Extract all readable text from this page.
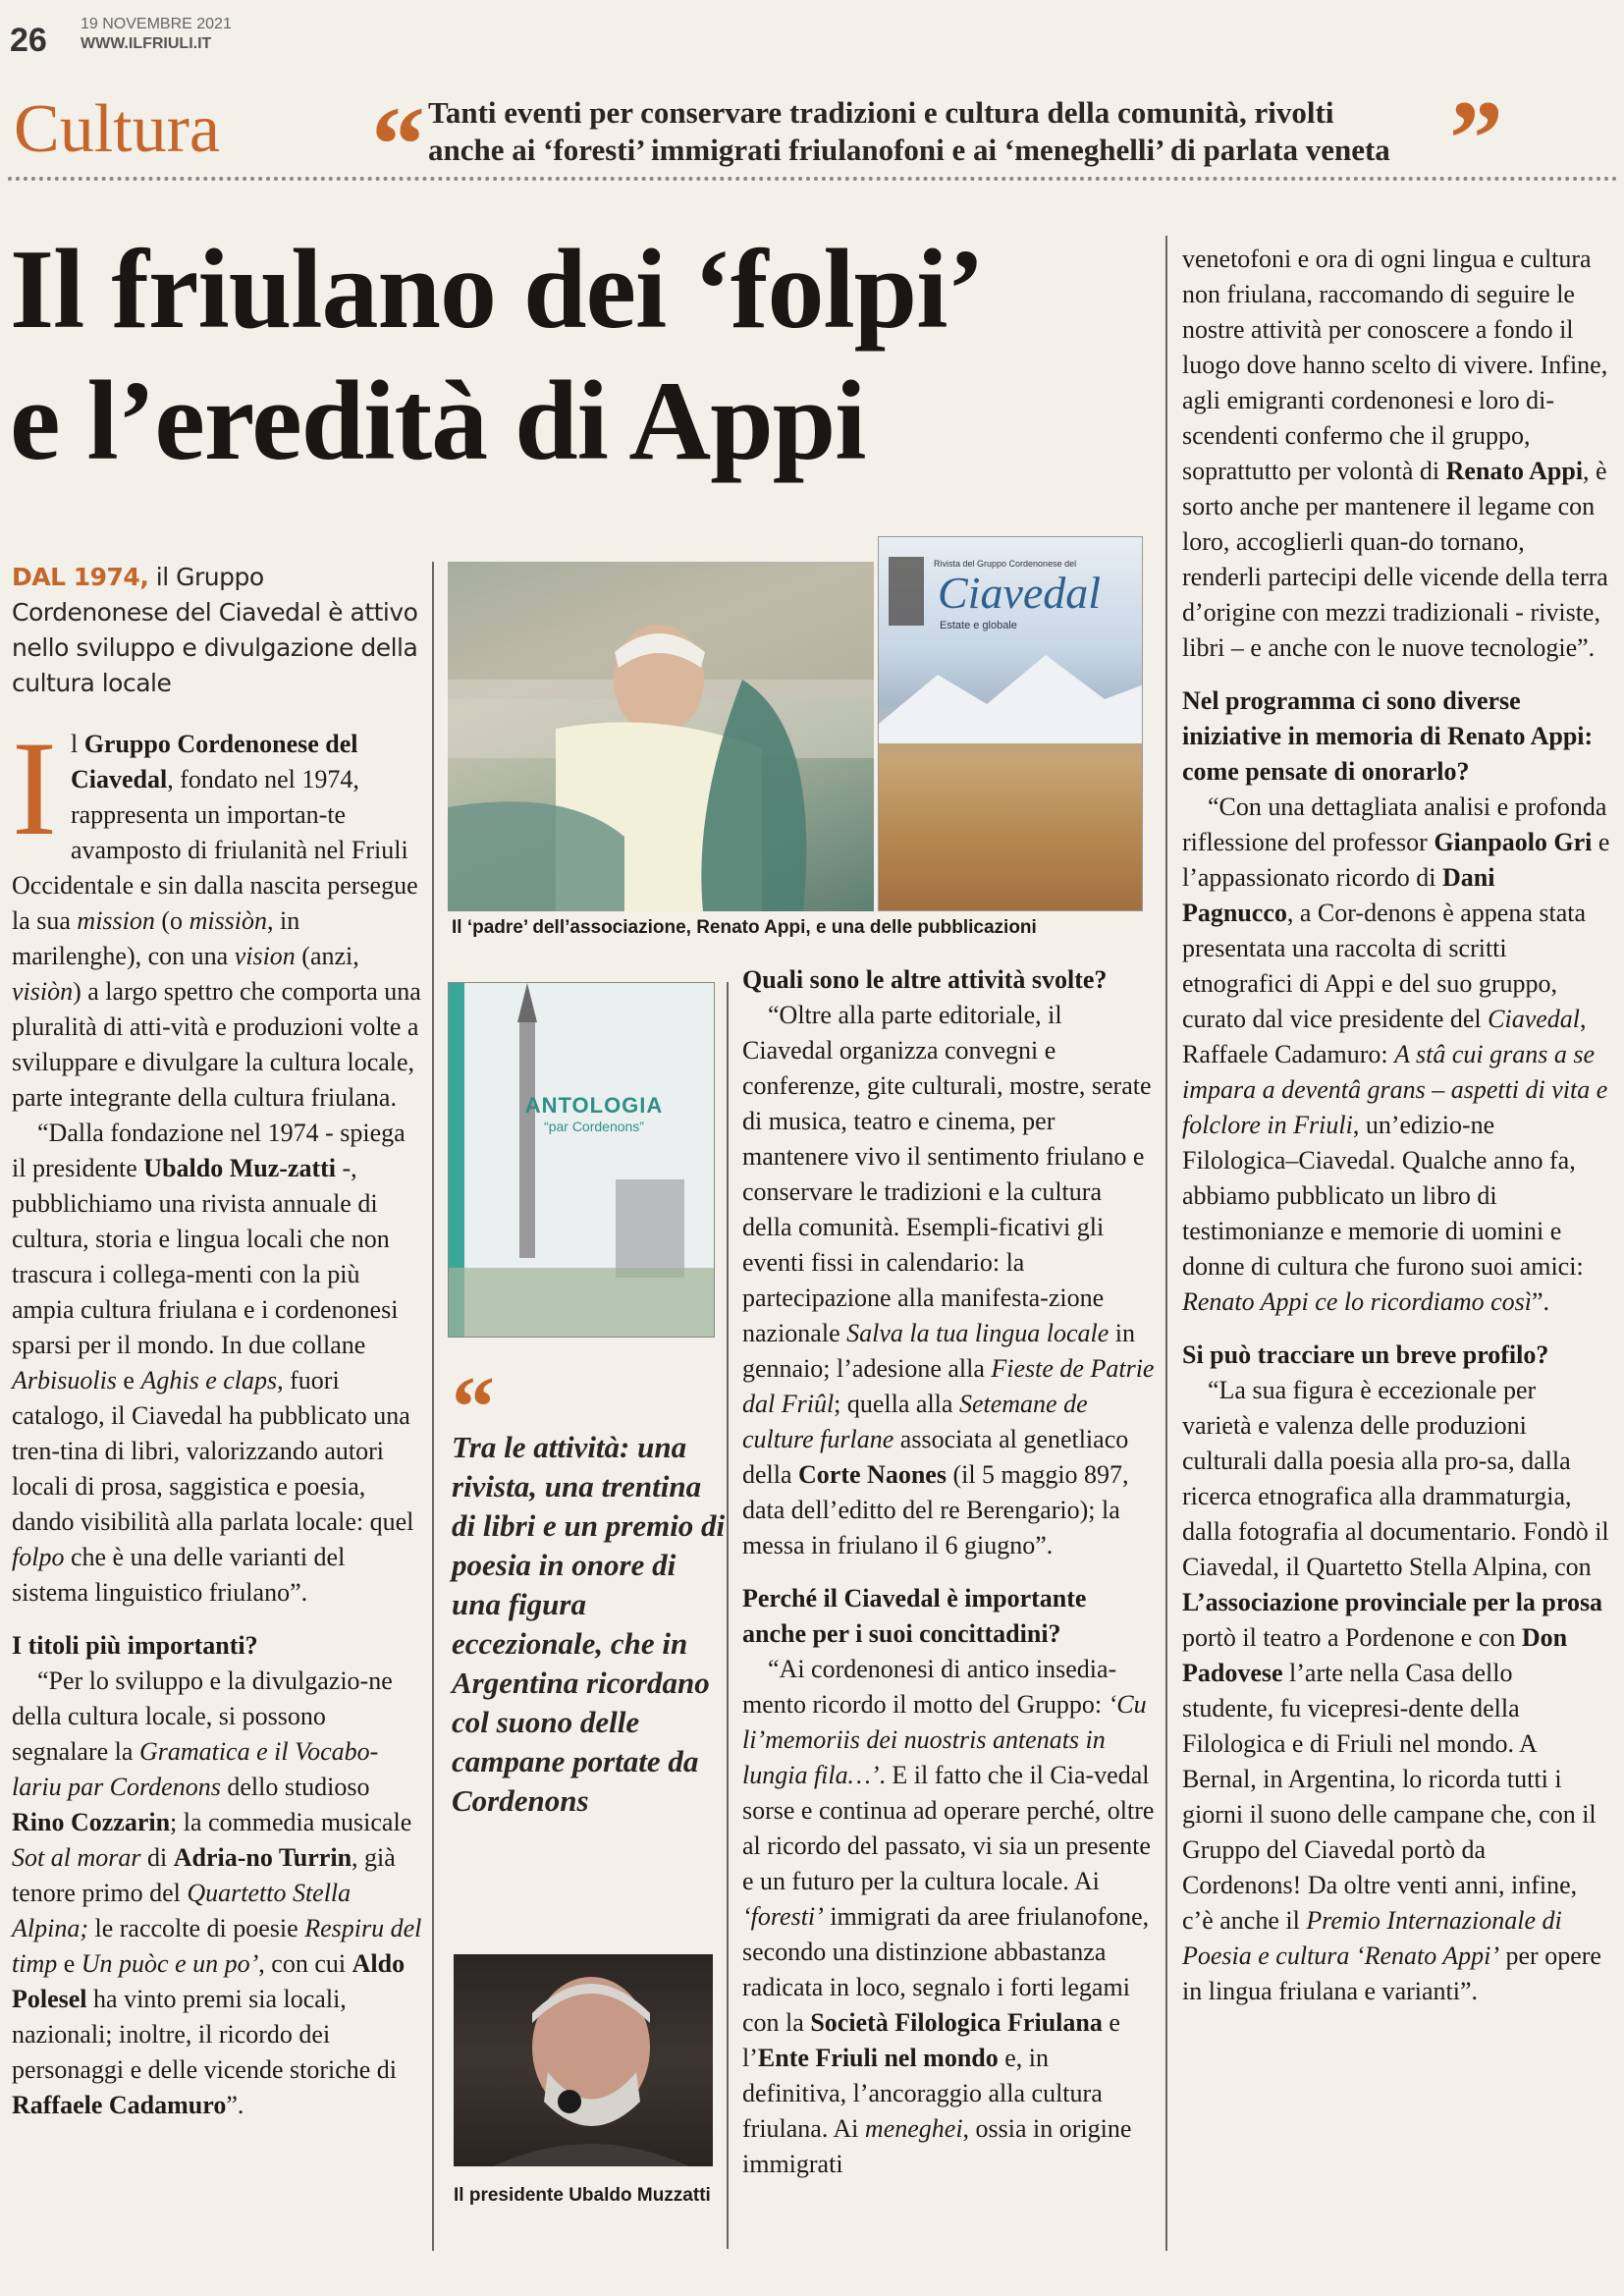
26 19 NOVEMBRE 2021
WWW.ILFRIULI.IT
Cultura “ Tanti eventi per conservare tradizioni e cultura della comunità, rivolti
anche ai ‘foresti’ immigrati friulanofoni e ai ‘meneghelli’ di parlata veneta ”
Il friulano dei ‘folpi’
e l’eredità di Appi
DAL 1974, il Gruppo Cordenonese del Ciavedal è attivo nello sviluppo e divulgazione della cultura locale

Il Gruppo Cordenonese del Ciavedal, fondato nel 1974, rappresenta un importan-te avamposto di friulanità nel Friuli Occidentale e sin dalla nascita persegue la sua mission (o missiòn, in marilenghe), con una vision (anzi, visiòn) a largo spettro che comporta una pluralità di atti-vità e produzioni volte a sviluppare e divulgare la cultura locale, parte integrante della cultura friulana.

“Dalla fondazione nel 1974 - spiega il presidente Ubaldo Muz-zatti -, pubblichiamo una rivista annuale di cultura, storia e lingua locali che non trascura i collega-menti con la più ampia cultura friulana e i cordenonesi sparsi per il mondo. In due collane Arbisuolis e Aghis e claps, fuori catalogo, il Ciavedal ha pubblicato una tren-tina di libri, valorizzando autori locali di prosa, saggistica e poesia, dando visibilità alla parlata locale: quel folpo che è una delle varianti del sistema linguistico friulano”.

I titoli più importanti?

“Per lo sviluppo e la divulgazio-ne della cultura locale, si possono segnalare la Gramatica e il Vocabo-lariu par Cordenons dello studioso Rino Cozzarin; la commedia musicale Sot al morar di Adria-no Turrin, già tenore primo del Quartetto Stella Alpina; le raccolte di poesie Respiru del timp e Un puòc e un po’, con cui Aldo Polesel ha vinto premi sia locali, nazionali; inoltre, il ricordo dei personaggi e delle vicende storiche di Raffaele Cadamuro”.

Rivista del Gruppo Cordenonese del
Ciavedal
Estate e globale
Il ‘padre’ dell’associazione, Renato Appi, e una delle pubblicazioni
ANTOLOGIA
“par Cordenons”
“
Tra le attività: una rivista, una trentina di libri e un premio di poesia in onore di una figura eccezionale, che in Argentina ricordano col suono delle campane portate da Cordenons
Il presidente Ubaldo Muzzatti
Quali sono le altre attività svolte?

“Oltre alla parte editoriale, il Ciavedal organizza convegni e conferenze, gite culturali, mostre, serate di musica, teatro e cinema, per mantenere vivo il sentimento friulano e conservare le tradizioni e la cultura della comunità. Esempli-ficativi gli eventi fissi in calendario: la partecipazione alla manifesta-zione nazionale Salva la tua lingua locale in gennaio; l’adesione alla Fieste de Patrie dal Friûl; quella alla Setemane de culture furlane associata al genetliaco della Corte Naones (il 5 maggio 897, data dell’editto del re Berengario); la messa in friulano il 6 giugno”.

Perché il Ciavedal è importante anche per i suoi concittadini?

“Ai cordenonesi di antico insedia-mento ricordo il motto del Gruppo: ‘Cu li’memoriis dei nuostris antenats in lungia fila…’. E il fatto che il Cia-vedal sorse e continua ad operare perché, oltre al ricordo del passato, vi sia un presente e un futuro per la cultura locale. Ai ‘foresti’ immigrati da aree friulanofone, secondo una distinzione abbastanza radicata in loco, segnalo i forti legami con la Società Filologica Friulana e l’Ente Friuli nel mondo e, in definitiva, l’ancoraggio alla cultura friulana. Ai meneghei, ossia in origine immigrati

venetofoni e ora di ogni lingua e cultura non friulana, raccomando di seguire le nostre attività per conoscere a fondo il luogo dove hanno scelto di vivere. Infine, agli emigranti cordenonesi e loro di-scendenti confermo che il gruppo, soprattutto per volontà di Renato Appi, è sorto anche per mantenere il legame con loro, accoglierli quan-do tornano, renderli partecipi delle vicende della terra d’origine con mezzi tradizionali - riviste, libri – e anche con le nuove tecnologie”.

Nel programma ci sono diverse iniziative in memoria di Renato Appi: come pensate di onorarlo?

“Con una dettagliata analisi e profonda riflessione del professor Gianpaolo Gri e l’appassionato ricordo di Dani Pagnucco, a Cor-denons è appena stata presentata una raccolta di scritti etnografici di Appi e del suo gruppo, curato dal vice presidente del Ciavedal, Raffaele Cadamuro: A stâ cui grans a se impara a deventâ grans – aspetti di vita e folclore in Friuli, un’edizio-ne Filologica–Ciavedal. Qualche anno fa, abbiamo pubblicato un libro di testimonianze e memorie di uomini e donne di cultura che furono suoi amici: Renato Appi ce lo ricordiamo così”.

Si può tracciare un breve profilo?

“La sua figura è eccezionale per varietà e valenza delle produzioni culturali dalla poesia alla pro-sa, dalla ricerca etnografica alla drammaturgia, dalla fotografia al documentario. Fondò il Ciavedal, il Quartetto Stella Alpina, con L’associazione provinciale per la prosa portò il teatro a Pordenone e con Don Padovese l’arte nella Casa dello studente, fu vicepresi-dente della Filologica e di Friuli nel mondo. A Bernal, in Argentina, lo ricorda tutti i giorni il suono delle campane che, con il Gruppo del Ciavedal portò da Cordenons! Da oltre venti anni, infine, c’è anche il Premio Internazionale di Poesia e cultura ‘Renato Appi’ per opere in lingua friulana e varianti”.
